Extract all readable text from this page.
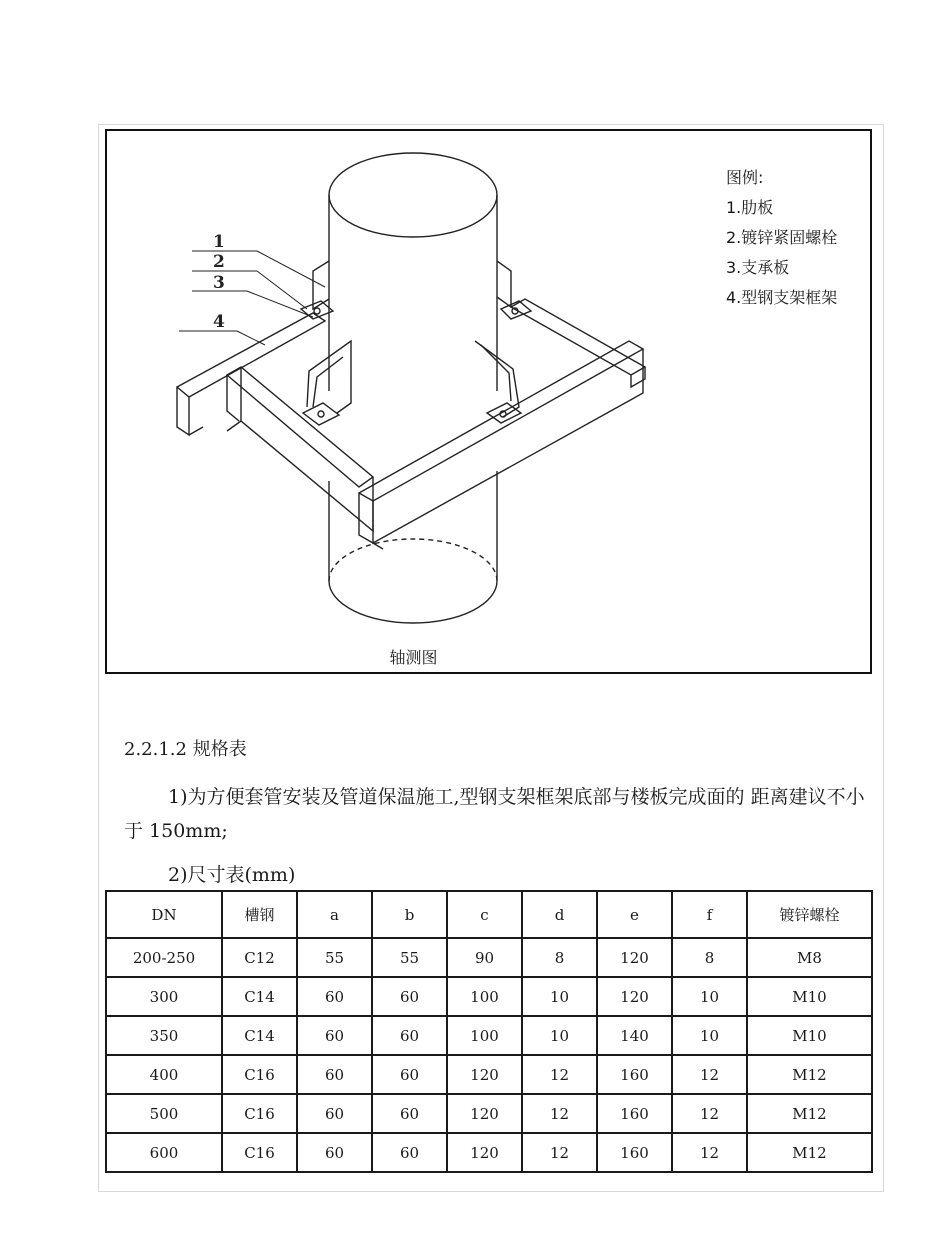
1
2
3
4
图例:
1.肋板
2.镀锌紧固螺栓
3.支承板
4.型钢支架框架
轴测图
2.2.1.2 规格表
1)为方便套管安装及管道保温施工,型钢支架框架底部与楼板完成面的 距离建议不小于 150mm;
2)尺寸表(mm)
DN	槽钢	a	b	c	d	e	f	镀锌螺栓
200-250	C12	55	55	90	8	120	8	M8
300	C14	60	60	100	10	120	10	M10
350	C14	60	60	100	10	140	10	M10
400	C16	60	60	120	12	160	12	M12
500	C16	60	60	120	12	160	12	M12
600	C16	60	60	120	12	160	12	M12
